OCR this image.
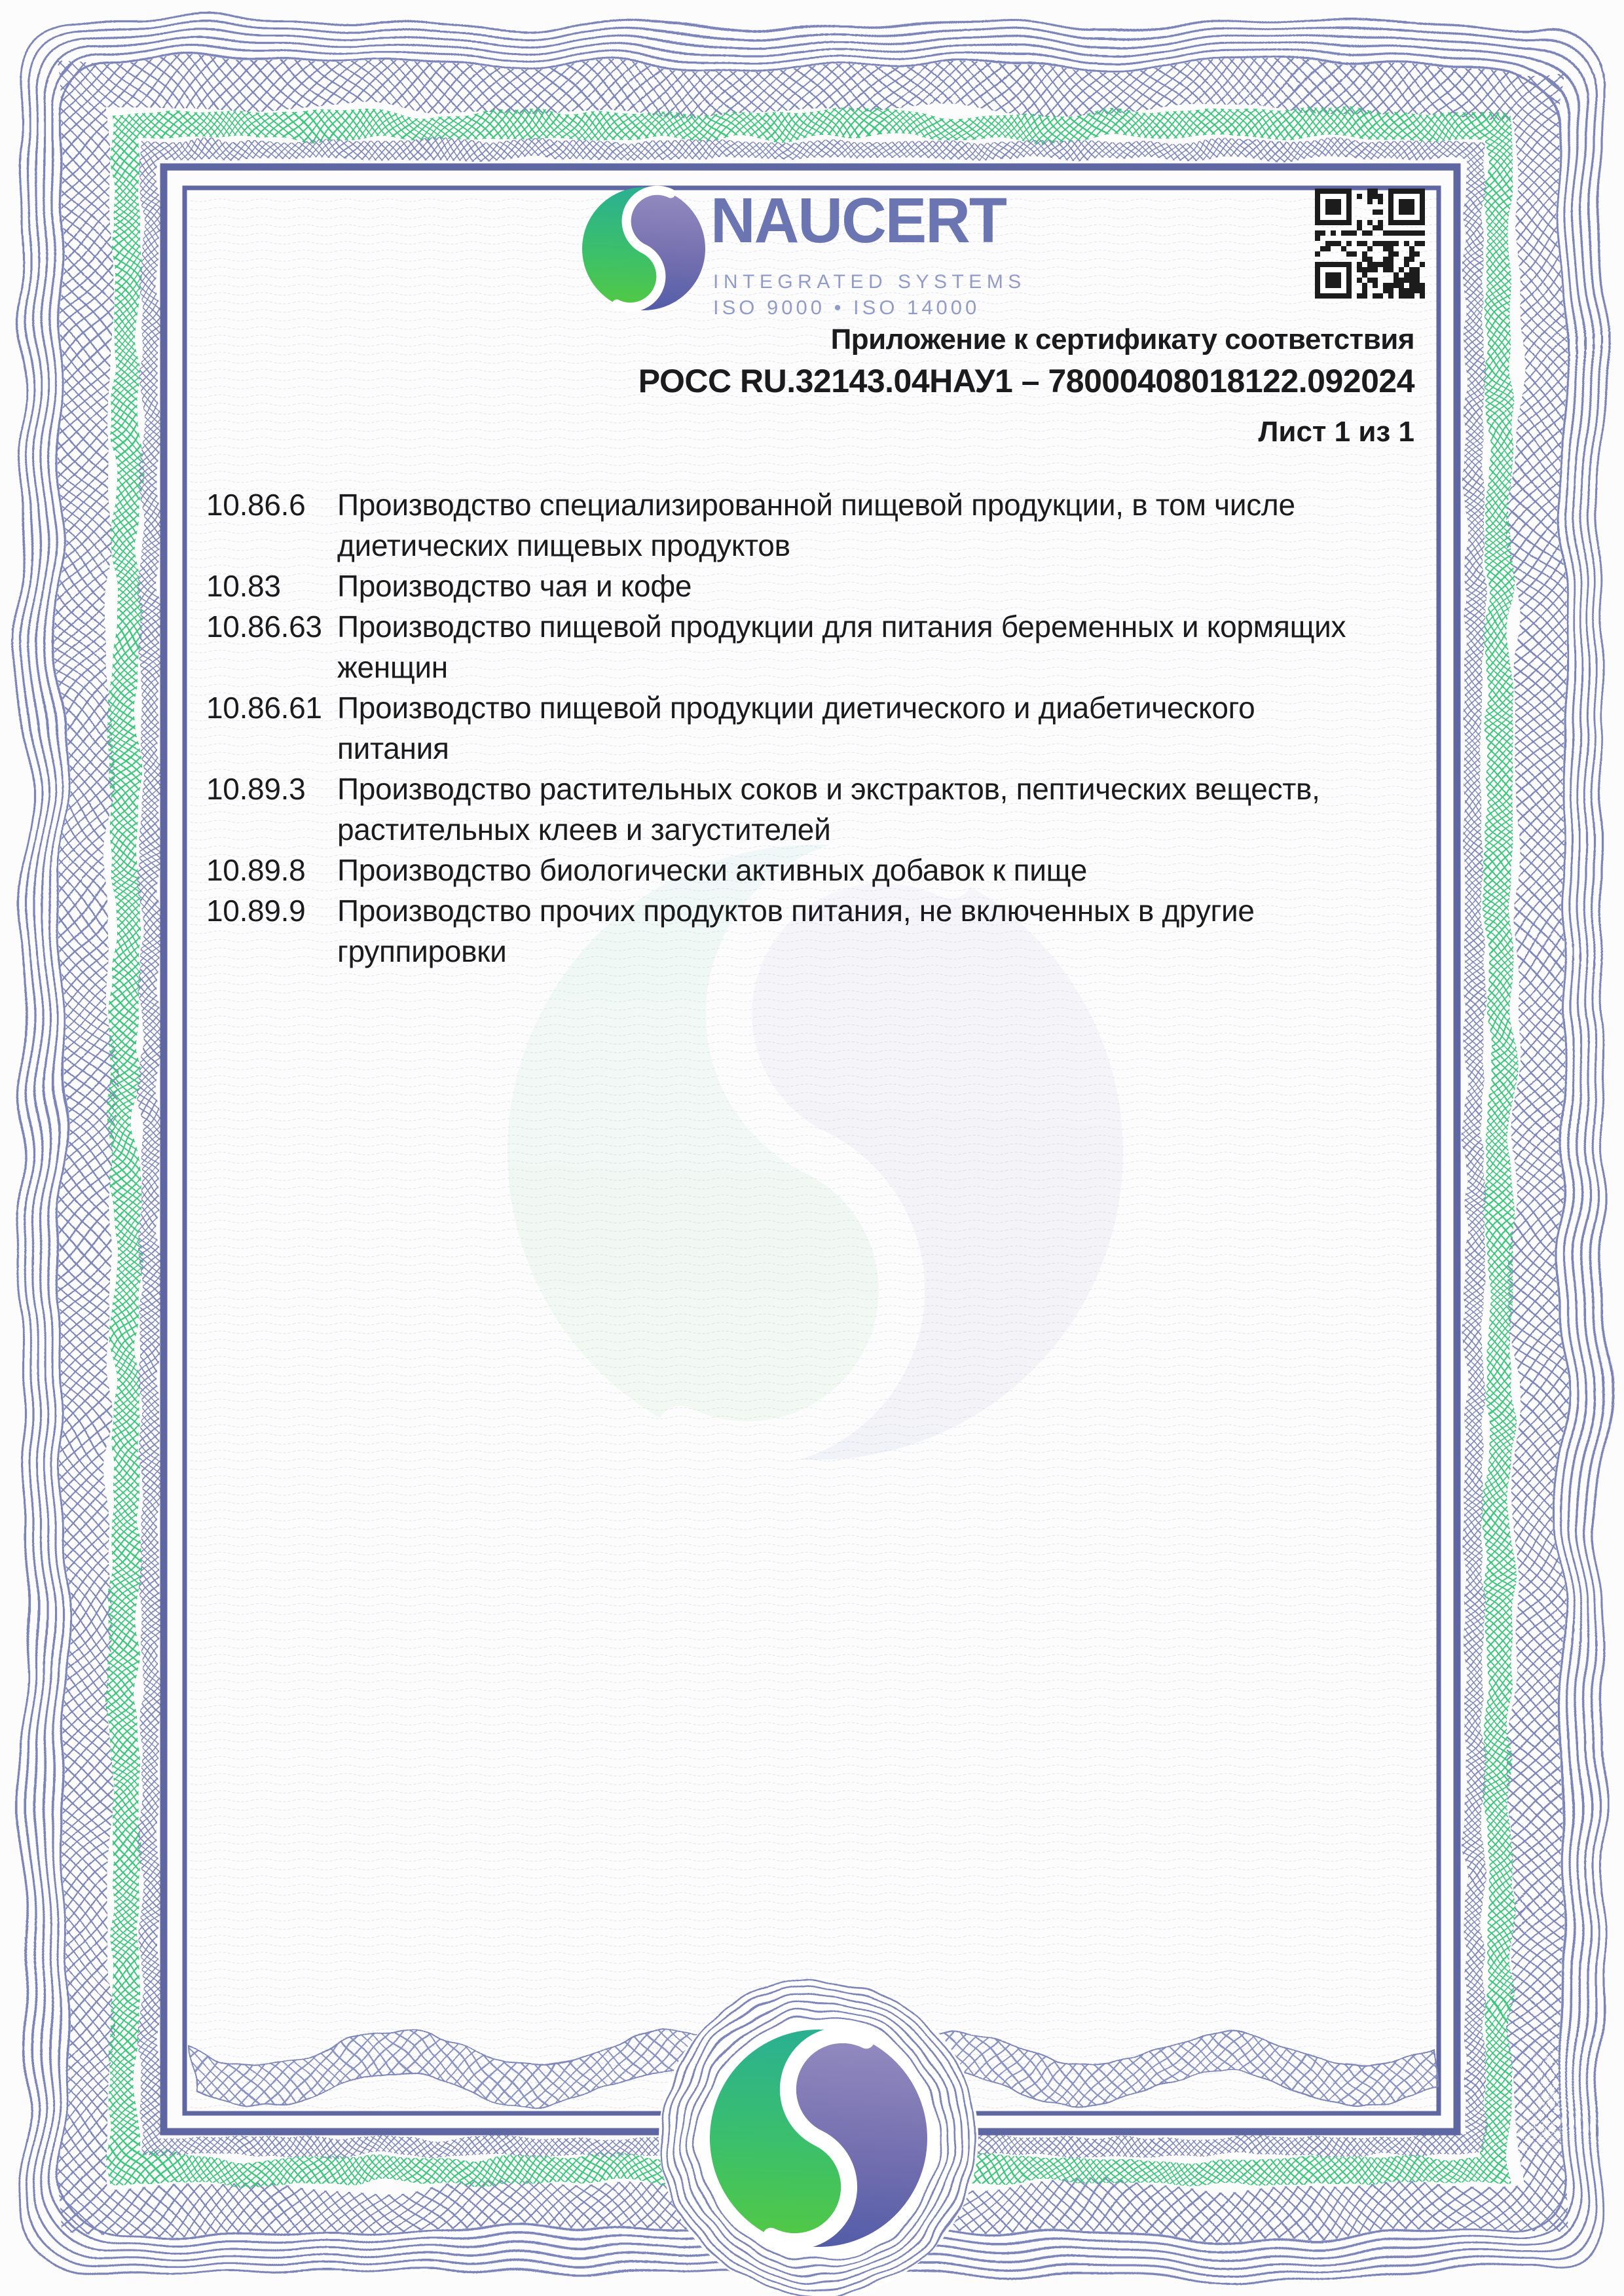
NAUCERT
INTEGRATED SYSTEMS
ISO 9000 • ISO 14000
Приложение к сертификату соответствия
РОСС RU.32143.04НАУ1 – 78000408018122.092024
Лист 1 из 1
10.86.6	Производство специализированной пищевой продукции, в том числе
диетических пищевых продуктов
10.83	Производство чая и кофе
10.86.63 Производство пищевой продукции для питания беременных и кормящих
женщин
10.86.61 Производство пищевой продукции диетического и диабетического
питания
10.89.3	Производство растительных соков и экстрактов, пептических веществ,
растительных клеев и загустителей
10.89.8	Производство биологически активных добавок к пище
10.89.9	Производство прочих продуктов питания, не включенных в другие
группировки
